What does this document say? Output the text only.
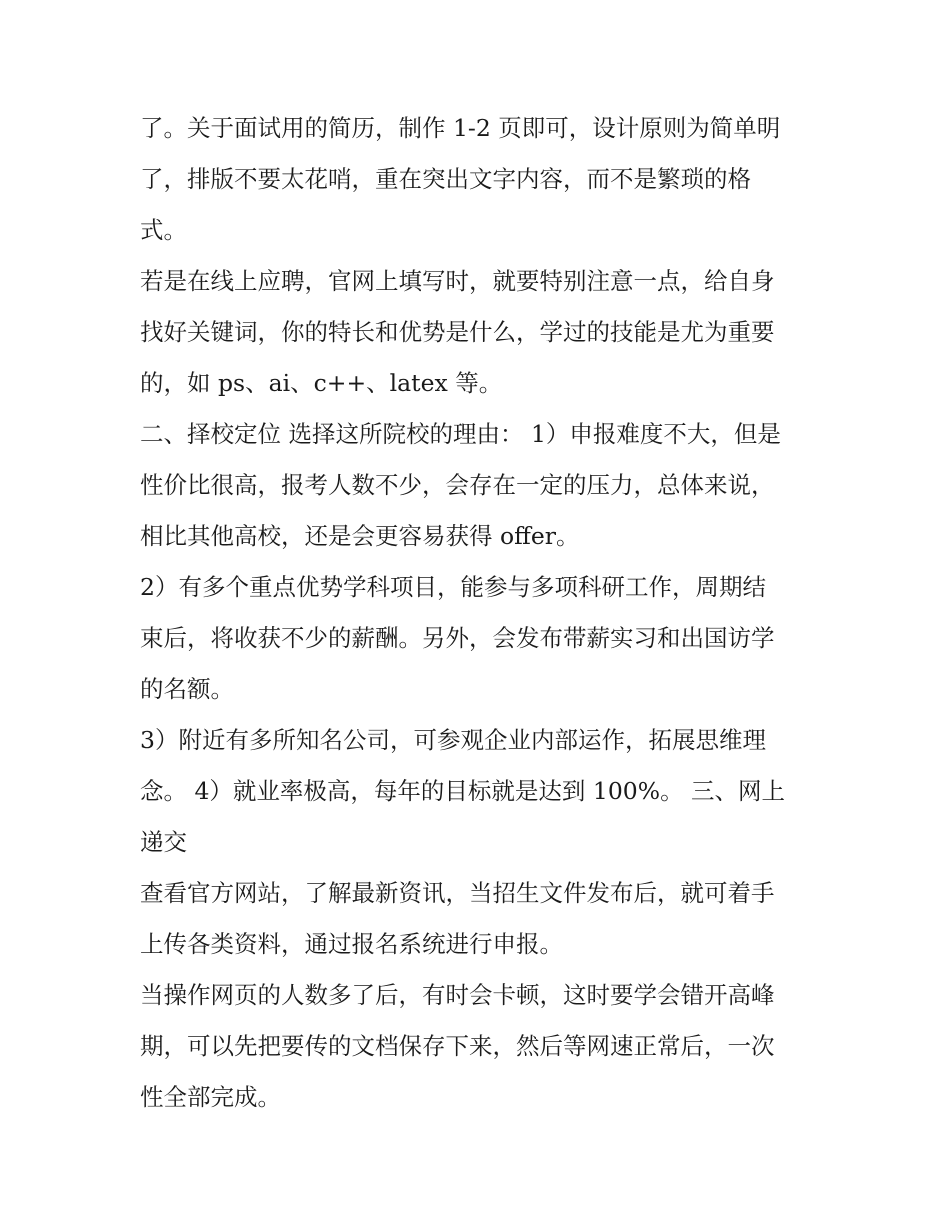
了。关于面试用的简历，制作 1-2 页即可，设计原则为简单明
了，排版不要太花哨，重在突出文字内容，而不是繁琐的格
式。

若是在线上应聘，官网上填写时，就要特别注意一点，给自身
找好关键词，你的特长和优势是什么，学过的技能是尤为重要
的，如 ps、ai、c++、latex 等。

二、择校定位 选择这所院校的理由： 1）申报难度不大，但是
性价比很高，报考人数不少，会存在一定的压力，总体来说，
相比其他高校，还是会更容易获得 offer。

2）有多个重点优势学科项目，能参与多项科研工作，周期结
束后，将收获不少的薪酬。另外，会发布带薪实习和出国访学
的名额。

3）附近有多所知名公司，可参观企业内部运作，拓展思维理
念。 4）就业率极高，每年的目标就是达到 100%。 三、网上
递交

查看官方网站，了解最新资讯，当招生文件发布后，就可着手
上传各类资料，通过报名系统进行申报。

当操作网页的人数多了后，有时会卡顿，这时要学会错开高峰
期，可以先把要传的文档保存下来，然后等网速正常后，一次
性全部完成。
